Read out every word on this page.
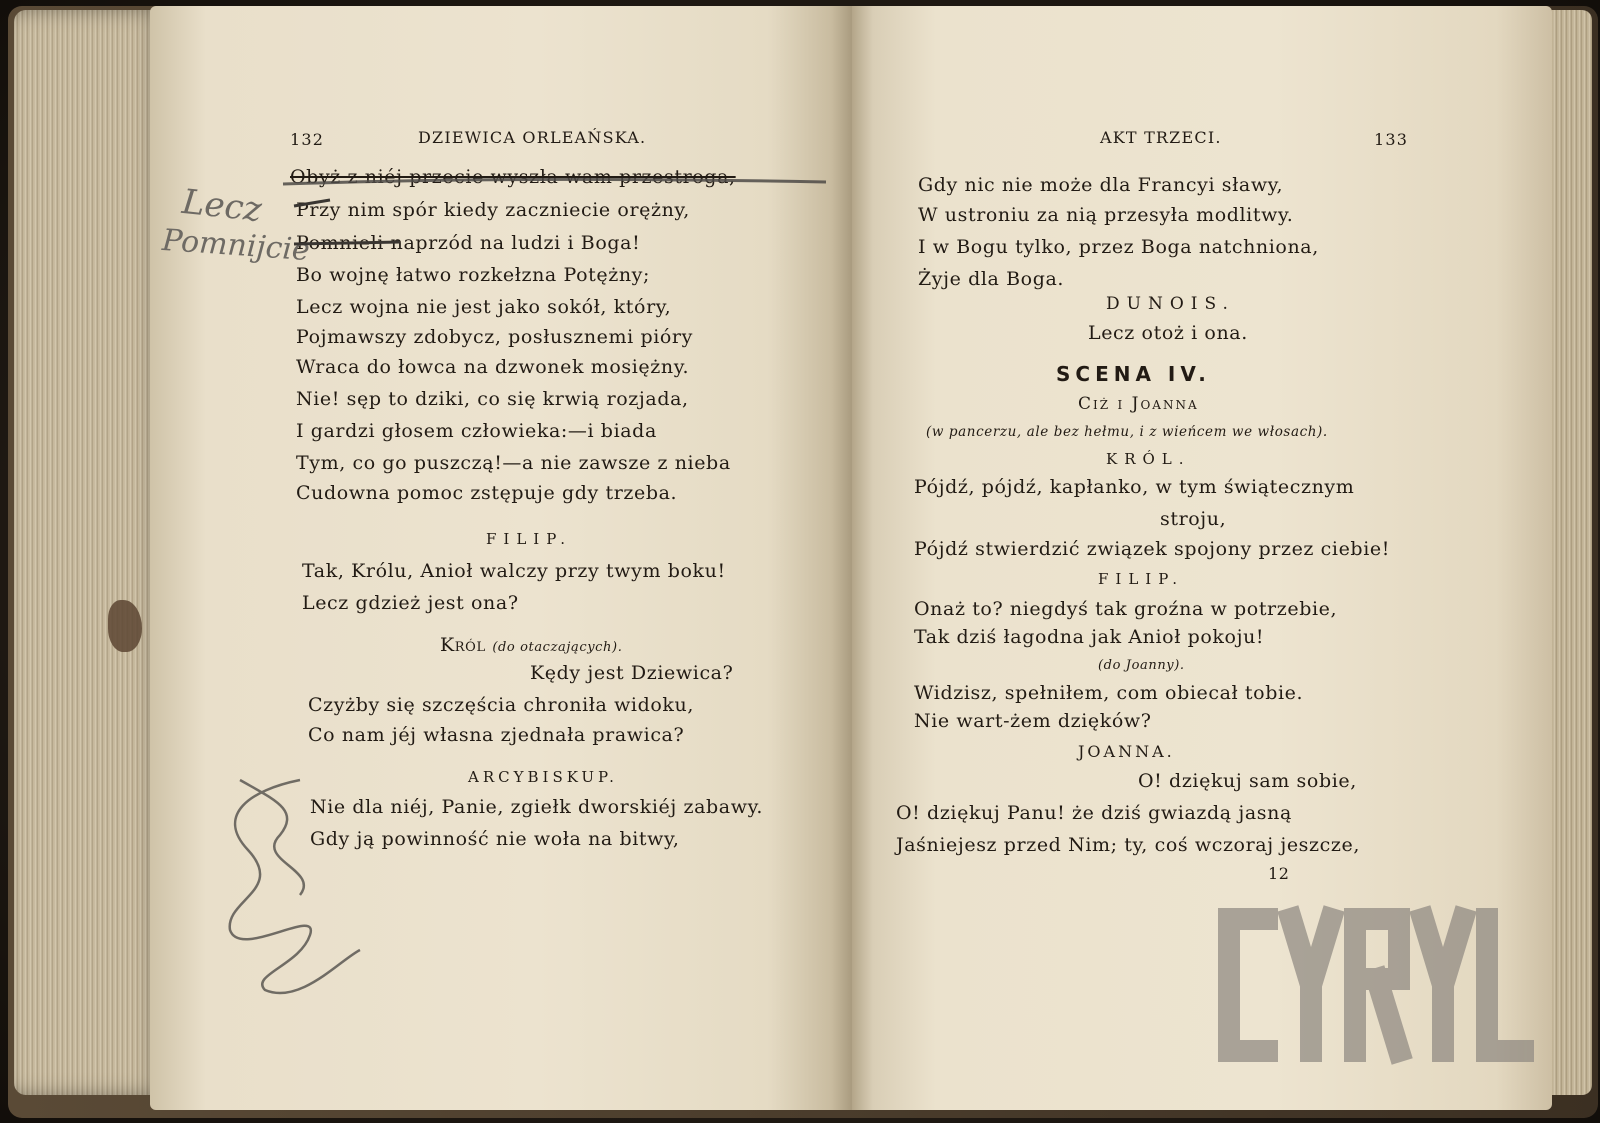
132	DZIEWICA ORLEAŃSKA.
Obyż z niéj przecie wyszła wam przestroga,
Przy nim spór kiedy zaczniecie orężny,
Pomnieli naprzód na ludzi i Boga!
Bo wojnę łatwo rozkełzna Potężny;
Lecz wojna nie jest jako sokół, który,
Pojmawszy zdobycz, posłusznemi pióry
Wraca do łowca na dzwonek mosiężny.
Nie! sęp to dziki, co się krwią rozjada,
I gardzi głosem człowieka:—i biada
Tym, co go puszczą!—a nie zawsze z nieba
Cudowna pomoc zstępuje gdy trzeba.
FILIP.
Tak, Królu, Anioł walczy przy twym boku!
Lecz gdzież jest ona?
Król (do otaczających).
Kędy jest Dziewica?
Czyżby się szczęścia chroniła widoku,
Co nam jéj własna zjednała prawica?
ARCYBISKUP.
Nie dla niéj, Panie, zgiełk dworskiéj zabawy.
Gdy ją powinność nie woła na bitwy,

Lecz
Pomnijcie
AKT TRZECI.	133
Gdy nic nie może dla Francyi sławy,
W ustroniu za nią przesyła modlitwy.
I w Bogu tylko, przez Boga natchniona,
Żyje dla Boga.
DUNOIS.
Lecz otoż i ona.
SCENA IV.
Ciż i Joanna
(w pancerzu, ale bez hełmu, i z wieńcem we włosach).
KRÓL.
Pójdź, pójdź, kapłanko, w tym świątecznym
stroju,
Pójdź stwierdzić związek spojony przez ciebie!
FILIP.
Onaż to? niegdyś tak groźna w potrzebie,
Tak dziś łagodna jak Anioł pokoju!
(do Joanny).
Widzisz, spełniłem, com obiecał tobie.
Nie wart-żem dzięków?
JOANNA.
O! dziękuj sam sobie,
O! dziękuj Panu! że dziś gwiazdą jasną
Jaśniejesz przed Nim; ty, coś wczoraj jeszcze,
12
